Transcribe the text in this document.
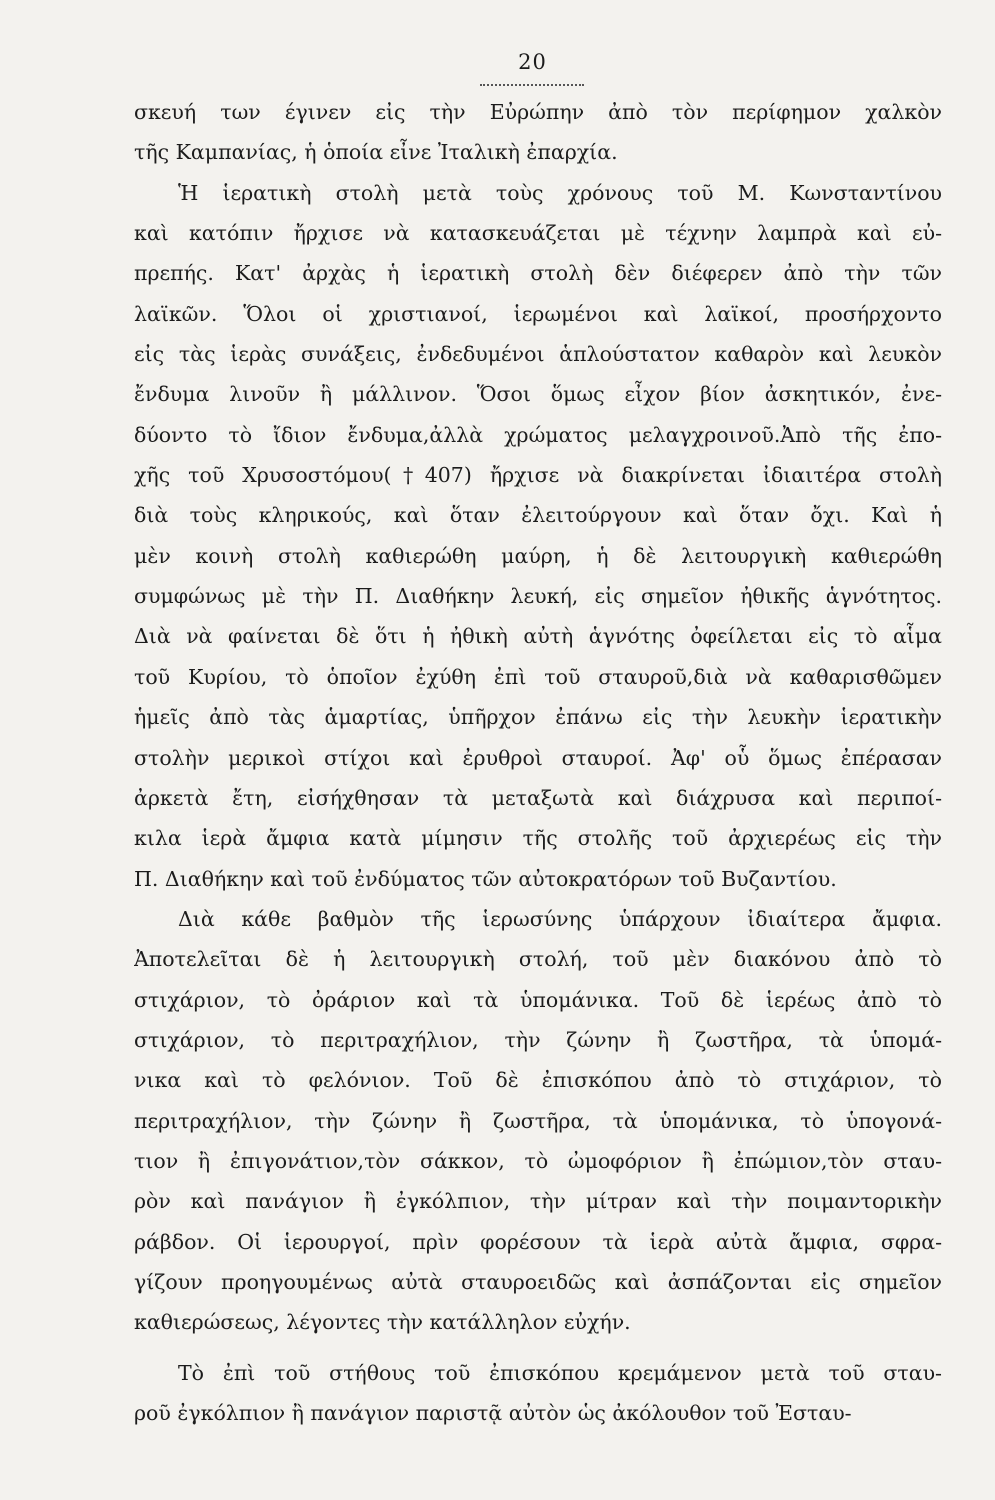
20
σκευή των έγινεν εἰς τὴν Εὐρώπην ἀπὸ τὸν περίφημον χαλκὸν
τῆς Καμπανίας, ἡ ὁποία εἶνε Ἰταλικὴ ἐπαρχία.
Ἡ ἱερατικὴ στολὴ μετὰ τοὺς χρόνους τοῦ Μ. Κωνσταντίνου
καὶ κατόπιν ἤρχισε νὰ κατασκευάζεται μὲ τέχνην λαμπρὰ καὶ εὐ-
πρεπής. Κατ' ἀρχὰς ἡ ἱερατικὴ στολὴ δὲν διέφερεν ἀπὸ τὴν τῶν
λαϊκῶν. Ὅλοι οἱ χριστιανοί, ἱερωμένοι καὶ λαϊκοί, προσήρχοντο
εἰς τὰς ἱερὰς συνάξεις, ἐνδεδυμένοι ἁπλούστατον καθαρὸν καὶ λευκὸν
ἔνδυμα λινοῦν ἢ μάλλινον. Ὅσοι ὅμως εἶχον βίον ἀσκητικόν, ἐνε-
δύοντο τὸ ἴδιον ἔνδυμα,ἀλλὰ χρώματος μελαγχροινοῦ.Ἀπὸ τῆς ἐπο-
χῆς τοῦ Χρυσοστόμου(†407) ἤρχισε νὰ διακρίνεται ἰδιαιτέρα στολὴ
διὰ τοὺς κληρικούς, καὶ ὅταν ἐλειτούργουν καὶ ὅταν ὄχι. Καὶ ἡ
μὲν κοινὴ στολὴ καθιερώθη μαύρη, ἡ δὲ λειτουργικὴ καθιερώθη
συμφώνως μὲ τὴν Π. Διαθήκην λευκή, εἰς σημεῖον ἠθικῆς ἁγνότητος.
Διὰ νὰ φαίνεται δὲ ὅτι ἡ ἠθικὴ αὐτὴ ἁγνότης ὀφείλεται εἰς τὸ αἷμα
τοῦ Κυρίου, τὸ ὁποῖον ἐχύθη ἐπὶ τοῦ σταυροῦ,διὰ νὰ καθαρισθῶμεν
ἡμεῖς ἀπὸ τὰς ἁμαρτίας, ὑπῆρχον ἐπάνω εἰς τὴν λευκὴν ἱερατικὴν
στολὴν μερικοὶ στίχοι καὶ ἐρυθροὶ σταυροί. Ἀφ' οὗ ὅμως ἐπέρασαν
ἀρκετὰ ἔτη, εἰσήχθησαν τὰ μεταξωτὰ καὶ διάχρυσα καὶ περιποί-
κιλα ἱερὰ ἄμφια κατὰ μίμησιν τῆς στολῆς τοῦ ἀρχιερέως εἰς τὴν
Π. Διαθήκην καὶ τοῦ ἐνδύματος τῶν αὐτοκρατόρων τοῦ Βυζαντίου.
Διὰ κάθε βαθμὸν τῆς ἱερωσύνης ὑπάρχουν ἰδιαίτερα ἄμφια.
Ἀποτελεῖται δὲ ἡ λειτουργικὴ στολή, τοῦ μὲν διακόνου ἀπὸ τὸ
στιχάριον, τὸ ὀράριον καὶ τὰ ὑπομάνικα. Τοῦ δὲ ἱερέως ἀπὸ τὸ
στιχάριον, τὸ περιτραχήλιον, τὴν ζώνην ἢ ζωστῆρα, τὰ ὑπομά-
νικα καὶ τὸ φελόνιον. Τοῦ δὲ ἐπισκόπου ἀπὸ τὸ στιχάριον, τὸ
περιτραχήλιον, τὴν ζώνην ἢ ζωστῆρα, τὰ ὑπομάνικα, τὸ ὑπογονά-
τιον ἢ ἐπιγονάτιον,τὸν σάκκον, τὸ ὠμοφόριον ἢ ἐπώμιον,τὸν σταυ-
ρὸν καὶ πανάγιον ἢ ἐγκόλπιον, τὴν μίτραν καὶ τὴν ποιμαντορικὴν
ράβδον. Οἱ ἱερουργοί, πρὶν φορέσουν τὰ ἱερὰ αὐτὰ ἄμφια, σφρα-
γίζουν προηγουμένως αὐτὰ σταυροειδῶς καὶ ἀσπάζονται εἰς σημεῖον
καθιερώσεως, λέγοντες τὴν κατάλληλον εὐχήν.
Τὸ ἐπὶ τοῦ στήθους τοῦ ἐπισκόπου κρεμάμενον μετὰ τοῦ σταυ-
ροῦ ἐγκόλπιον ἢ πανάγιον παριστᾷ αὐτὸν ὡς ἀκόλουθον τοῦ Ἐσταυ-
